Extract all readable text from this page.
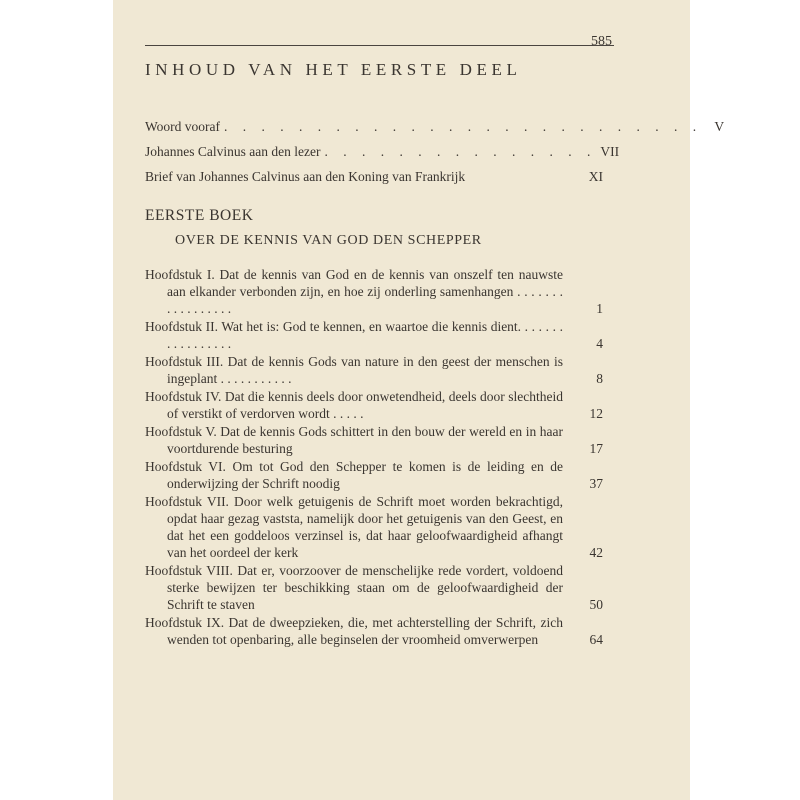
585
INHOUD VAN HET EERSTE DEEL
Woord vooraf . . . . . . . . . . . . . . . . . . . . . . . . . . V
Johannes Calvinus aan den lezer . . . . . . . . . . . . . . . VII
Brief van Johannes Calvinus aan den Koning van Frankrijk	XI
EERSTE BOEK
OVER DE KENNIS VAN GOD DEN SCHEPPER
Hoofdstuk I. Dat de kennis van God en de kennis van onszelf ten nauwste aan elkander verbonden zijn, en hoe zij onderling samenhangen . . . . . . . . . . . . . . . . .	1
Hoofdstuk II. Wat het is: God te kennen, en waartoe die kennis dient. . . . . . . . . . . . . . . . .	4
Hoofdstuk III. Dat de kennis Gods van nature in den geest der menschen is ingeplant . . . . . . . . . . .	8
Hoofdstuk IV. Dat die kennis deels door onwetendheid, deels door slechtheid of verstikt of verdorven wordt . . . . .	12
Hoofdstuk V. Dat de kennis Gods schittert in den bouw der wereld en in haar voortdurende besturing	17
Hoofdstuk VI. Om tot God den Schepper te komen is de leiding en de onderwijzing der Schrift noodig	37
Hoofdstuk VII. Door welk getuigenis de Schrift moet worden bekrachtigd, opdat haar gezag vaststa, namelijk door het getuigenis van den Geest, en dat het een goddeloos verzinsel is, dat haar geloofwaardigheid afhangt van het oordeel der kerk	42
Hoofdstuk VIII. Dat er, voorzoover de menschelijke rede vordert, voldoend sterke bewijzen ter beschikking staan om de geloofwaardigheid der Schrift te staven	50
Hoofdstuk IX. Dat de dweepzieken, die, met achterstelling der Schrift, zich wenden tot openbaring, alle beginselen der vroomheid omverwerpen	64
